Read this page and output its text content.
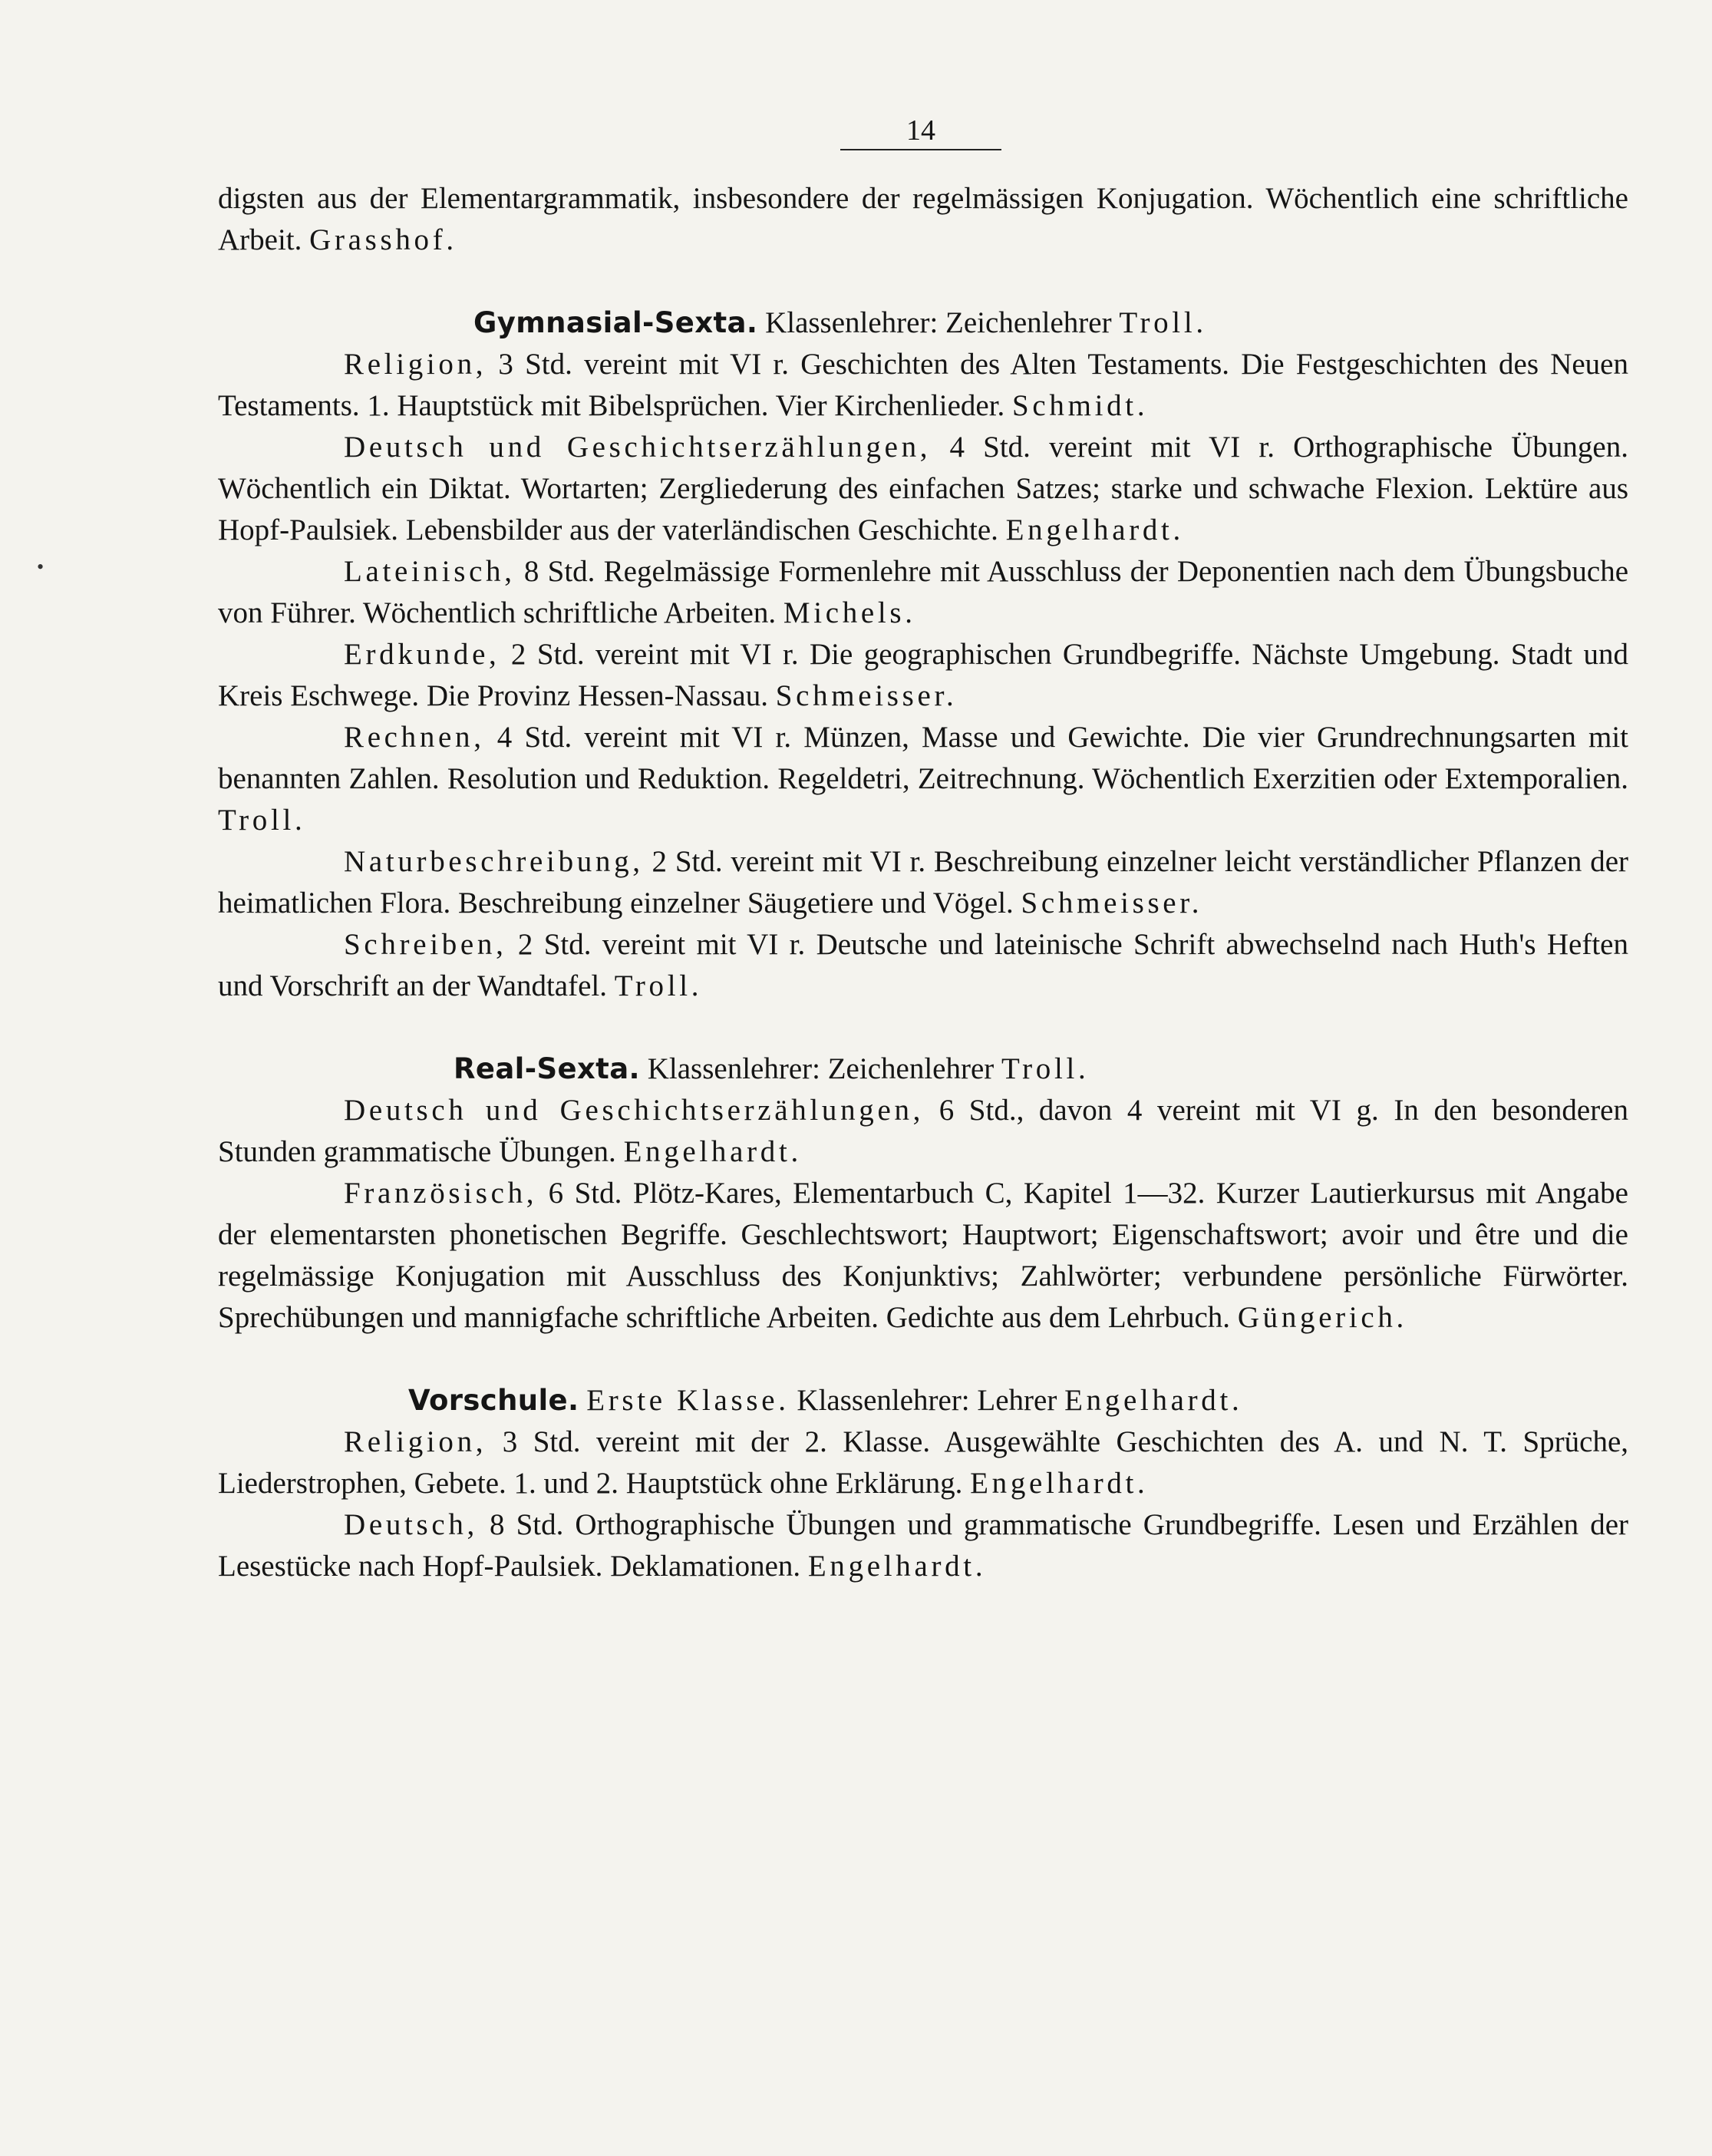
•
14

digsten aus der Elementargrammatik, insbesondere der regelmässigen Konjugation. Wöchentlich eine schriftliche Arbeit. Grasshof.

Gymnasial-Sexta. Klassenlehrer: Zeichenlehrer Troll.

Religion, 3 Std. vereint mit VI r. Geschichten des Alten Testaments. Die Festgeschichten des Neuen Testaments. 1. Hauptstück mit Bibelsprüchen. Vier Kirchenlieder. Schmidt.

Deutsch und Geschichtserzählungen, 4 Std. vereint mit VI r. Orthographische Übungen. Wöchentlich ein Diktat. Wortarten; Zergliederung des einfachen Satzes; starke und schwache Flexion. Lektüre aus Hopf-Paulsiek. Lebensbilder aus der vaterländischen Geschichte. Engelhardt.

Lateinisch, 8 Std. Regelmässige Formenlehre mit Ausschluss der Deponentien nach dem Übungsbuche von Führer. Wöchentlich schriftliche Arbeiten. Michels.

Erdkunde, 2 Std. vereint mit VI r. Die geographischen Grundbegriffe. Nächste Umgebung. Stadt und Kreis Eschwege. Die Provinz Hessen-Nassau. Schmeisser.

Rechnen, 4 Std. vereint mit VI r. Münzen, Masse und Gewichte. Die vier Grundrechnungsarten mit benannten Zahlen. Resolution und Reduktion. Regeldetri, Zeitrechnung. Wöchentlich Exerzitien oder Extemporalien. Troll.

Naturbeschreibung, 2 Std. vereint mit VI r. Beschreibung einzelner leicht verständlicher Pflanzen der heimatlichen Flora. Beschreibung einzelner Säugetiere und Vögel. Schmeisser.

Schreiben, 2 Std. vereint mit VI r. Deutsche und lateinische Schrift abwechselnd nach Huth's Heften und Vorschrift an der Wandtafel. Troll.

Real-Sexta. Klassenlehrer: Zeichenlehrer Troll.

Deutsch und Geschichtserzählungen, 6 Std., davon 4 vereint mit VI g. In den besonderen Stunden grammatische Übungen. Engelhardt.

Französisch, 6 Std. Plötz-Kares, Elementarbuch C, Kapitel 1—32. Kurzer Lautierkursus mit Angabe der elementarsten phonetischen Begriffe. Geschlechtswort; Hauptwort; Eigenschaftswort; avoir und être und die regelmässige Konjugation mit Ausschluss des Konjunktivs; Zahlwörter; verbundene persönliche Fürwörter. Sprechübungen und mannigfache schriftliche Arbeiten. Gedichte aus dem Lehrbuch. Güngerich.

Vorschule. Erste Klasse. Klassenlehrer: Lehrer Engelhardt.

Religion, 3 Std. vereint mit der 2. Klasse. Ausgewählte Geschichten des A. und N. T. Sprüche, Liederstrophen, Gebete. 1. und 2. Hauptstück ohne Erklärung. Engelhardt.

Deutsch, 8 Std. Orthographische Übungen und grammatische Grundbegriffe. Lesen und Erzählen der Lesestücke nach Hopf-Paulsiek. Deklamationen. Engelhardt.
